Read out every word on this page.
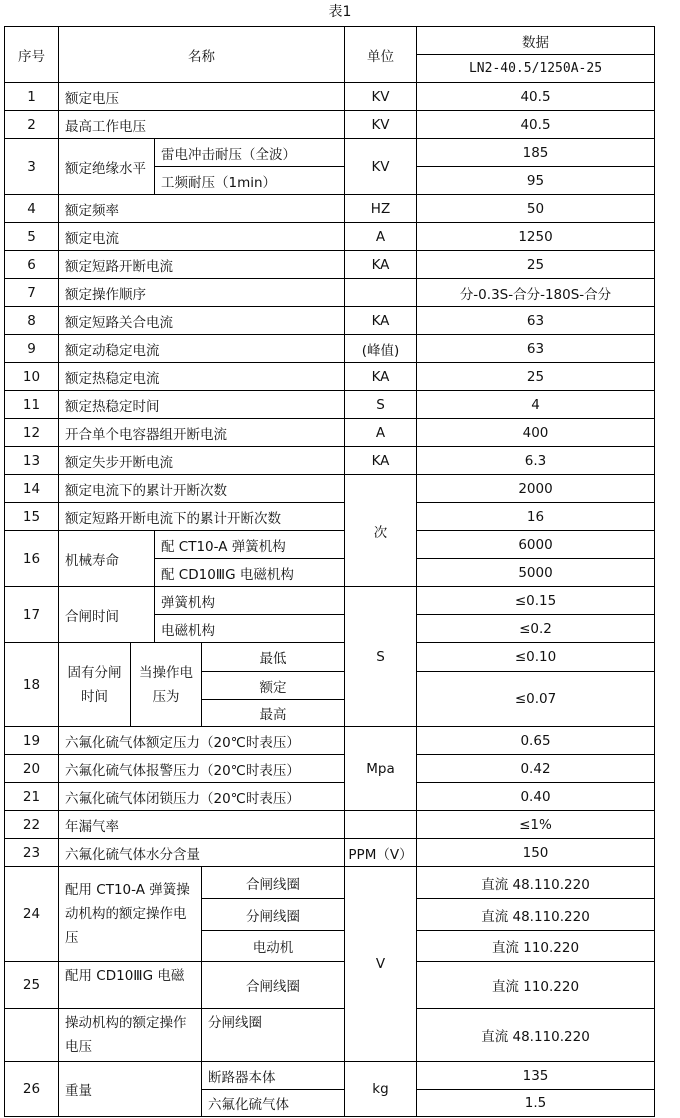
表1
序号	名称				单位	数据
						LN2-40.5/1250A-25
1	额定电压				KV	40.5
2	最高工作电压				KV	40.5
3	额定绝缘水平		雷电冲击耐压（全波）		KV	185
			工频耐压（1min）			95
4	额定频率				HZ	50
5	额定电流				A	1250
6	额定短路开断电流				KA	25
7	额定操作顺序					分-0.3S-合分-180S-合分
8	额定短路关合电流				KA	63
9	额定动稳定电流				(峰值)	63
10	额定热稳定电流				KA	25
11	额定热稳定时间				S	4
12	开合单个电容器组开断电流				A	400
13	额定失步开断电流				KA	6.3
14	额定电流下的累计开断次数				次	2000
15	额定短路开断电流下的累计开断次数					16
16	机械寿命		配 CT10-A 弹簧机构			6000
			配 CD10ⅢG 电磁机构			5000
17	合闸时间		弹簧机构		S	≤0.15
			电磁机构			≤0.2
18	固有分闸时间	当操作电压为		最低		≤0.10
				额定		≤0.07
				最高		
19	六氟化硫气体额定压力（20℃时表压）				Mpa	0.65
20	六氟化硫气体报警压力（20℃时表压）					0.42
21	六氟化硫气体闭锁压力（20℃时表压）					0.40
22	年漏气率					≤1%
23	六氟化硫气体水分含量				PPM（V）	150
24	配用 CT10-A 弹簧操动机构的额定操作电压			合闸线圈	V	直流 48.110.220
				分闸线圈		直流 48.110.220
				电动机		直流 110.220
25	配用 CD10ⅢG 电磁			合闸线圈		直流 110.220
	操动机构的额定操作电压			分闸线圈		直流 48.110.220
26	重量			断路器本体	kg	135
				六氟化硫气体		1.5
